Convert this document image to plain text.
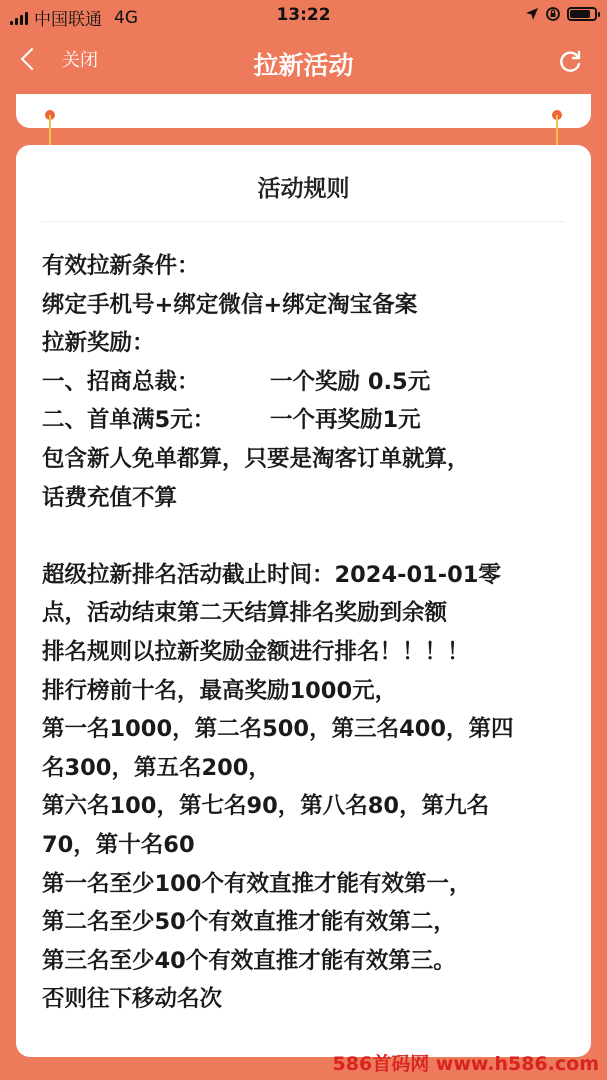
中国联通 4G	13:22
关闭	拉新活动
活动规则
有效拉新条件：
绑定手机号+绑定微信+绑定淘宝备案
拉新奖励：
一、招商总裁：	一个奖励 0.5元
二、首单满5元：	一个再奖励1元
包含新人免单都算，只要是淘客订单就算，
话费充值不算
超级拉新排名活动截止时间：2024-01-01零
点，活动结束第二天结算排名奖励到余额
排名规则以拉新奖励金额进行排名！！！！
排行榜前十名，最高奖励1000元，
第一名1000，第二名500，第三名400，第四
名300，第五名200，
第六名100，第七名90，第八名80，第九名
70，第十名60
第一名至少100个有效直推才能有效第一，
第二名至少50个有效直推才能有效第二，
第三名至少40个有效直推才能有效第三。
否则往下移动名次
586首码网 www.h586.com
